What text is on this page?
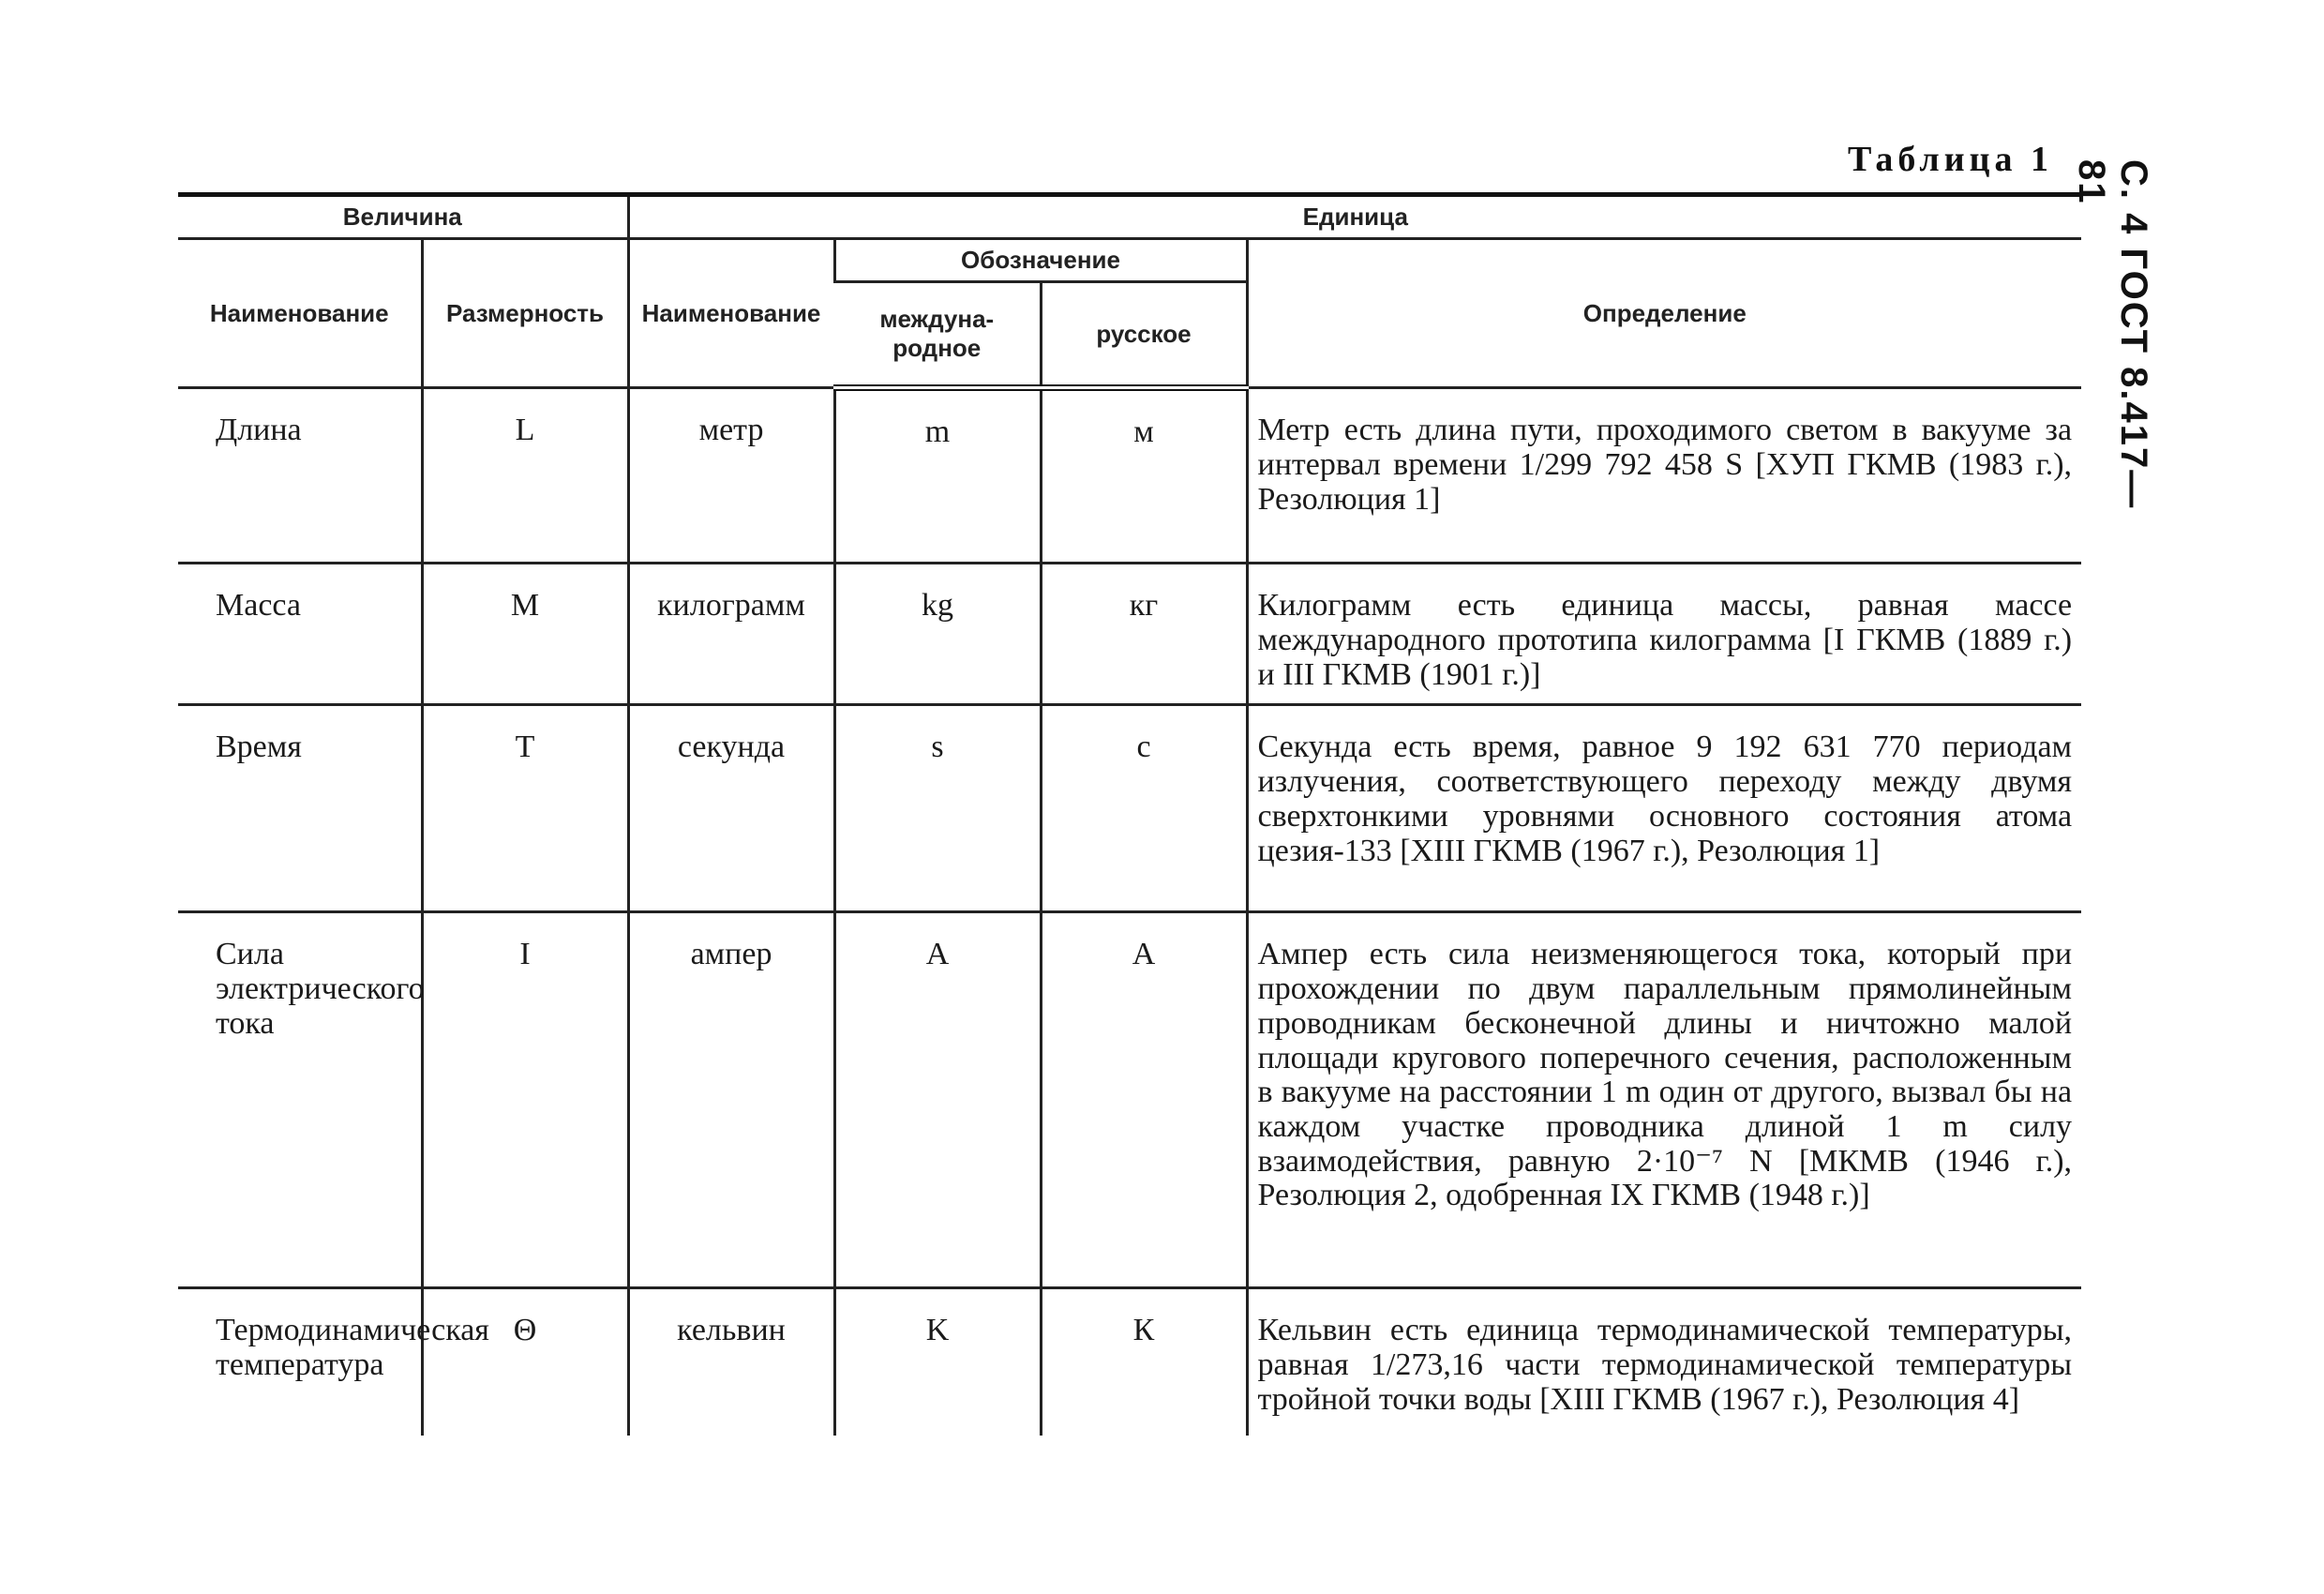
С. 4 ГОСТ 8.417—81
Таблица 1
Величина		Единица			
Наименование	Размерность	Наименование	Обозначение		Определение
			междуна-родное	русское	
Длина	L	метр	m	м	Метр есть длина пути, проходимого светом в вакууме за интервал времени 1/299 792 458 S [ХУП ГКМВ (1983 г.), Резолюция 1]
Масса	M	килограмм	kg	кг	Килограмм есть единица массы, равная массе международного прототипа килограмма [I ГКМВ (1889 г.) и III ГКМВ (1901 г.)]
Время	T	секунда	s	с	Секунда есть время, равное 9 192 631 770 периодам излучения, соответствующего переходу между двумя сверхтонкими уровнями основного состояния атома цезия-133 [XIII ГКМВ (1967 г.), Резолюция 1]
Сила электрического тока	I	ампер	A	А	Ампер есть сила неизменяющегося тока, который при прохождении по двум параллельным прямолинейным проводникам бесконечной длины и ничтожно малой площади кругового поперечного сечения, расположенным в вакууме на расстоянии 1 m один от другого, вызвал бы на каждом участке проводника длиной 1 m силу взаимодействия, равную 2·10⁻⁷ N [МКМВ (1946 г.), Резолюция 2, одобренная IX ГКМВ (1948 г.)]
Термодинамическая температура	Θ	кельвин	K	К	Кельвин есть единица термодинамической температуры, равная 1/273,16 части термодинамической температуры тройной точки воды [XIII ГКМВ (1967 г.), Резолюция 4]
